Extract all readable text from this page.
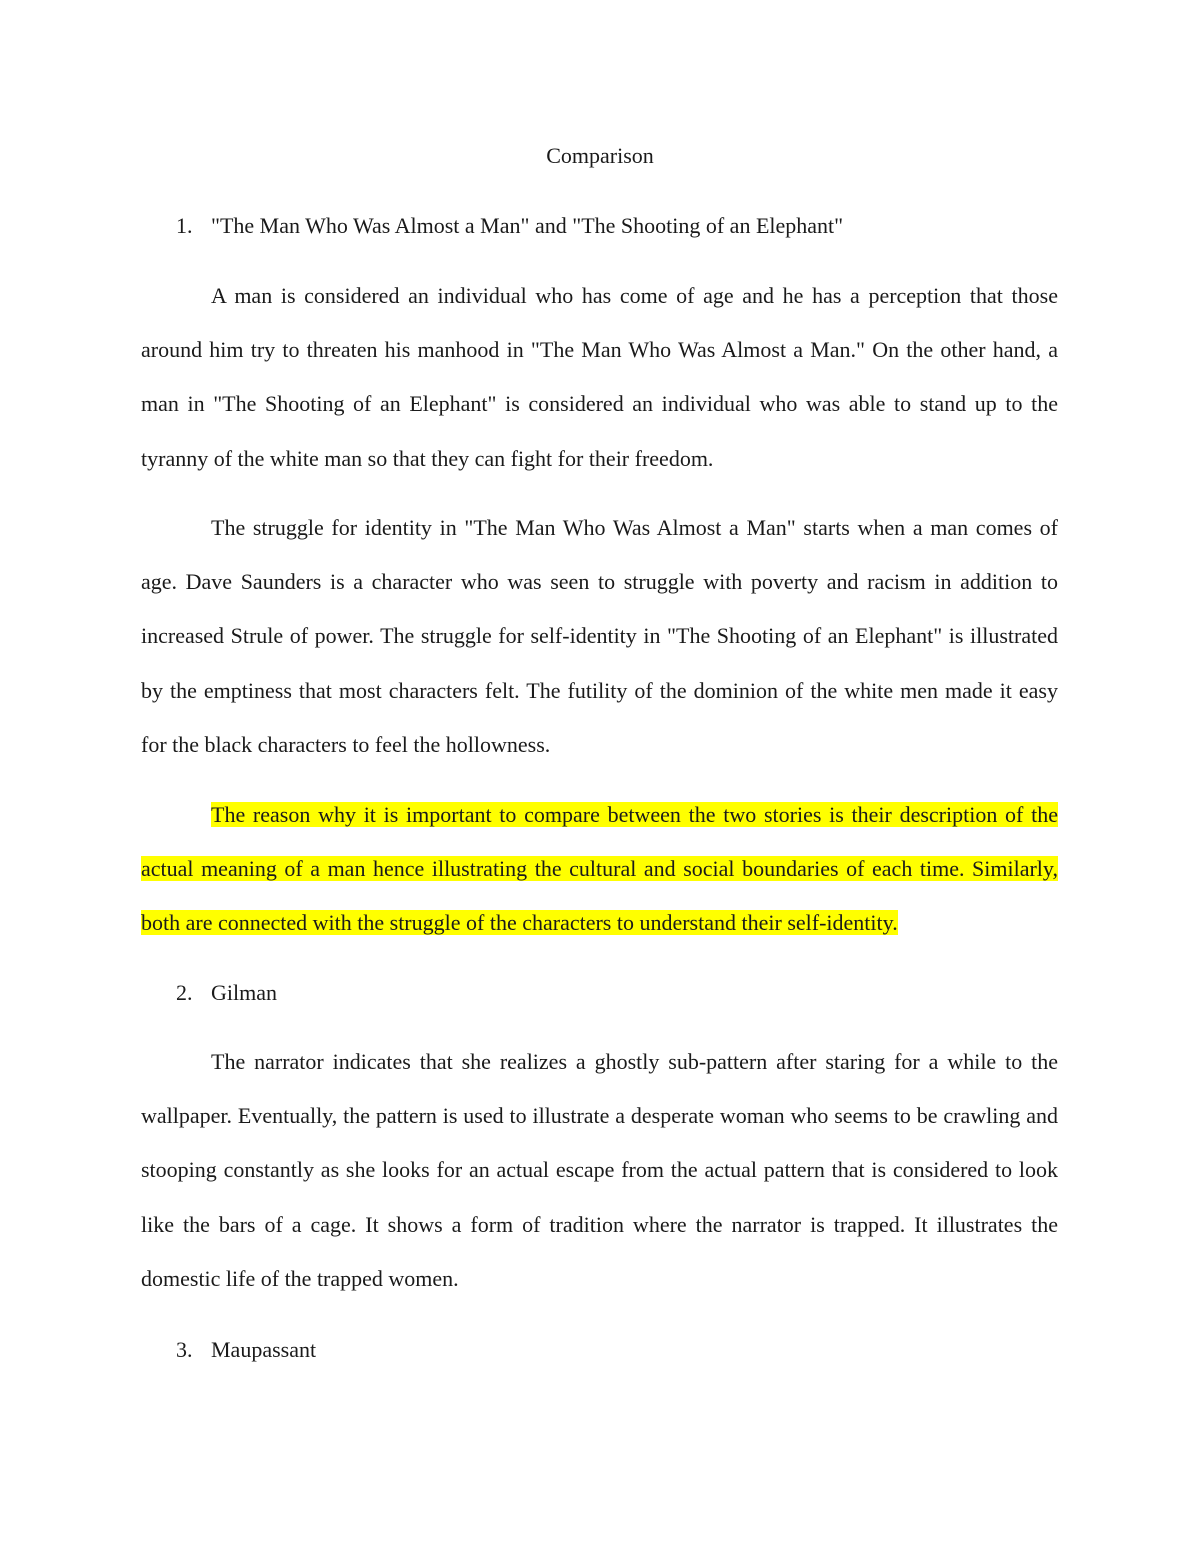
Comparison
1. "The Man Who Was Almost a Man" and "The Shooting of an Elephant"

A man is considered an individual who has come of age and he has a perception that those around him try to threaten his manhood in "The Man Who Was Almost a Man." On the other hand, a man in "The Shooting of an Elephant" is considered an individual who was able to stand up to the tyranny of the white man so that they can fight for their freedom.

The struggle for identity in "The Man Who Was Almost a Man" starts when a man comes of age. Dave Saunders is a character who was seen to struggle with poverty and racism in addition to increased Strule of power. The struggle for self-identity in "The Shooting of an Elephant" is illustrated by the emptiness that most characters felt. The futility of the dominion of the white men made it easy for the black characters to feel the hollowness.

The reason why it is important to compare between the two stories is their description of the actual meaning of a man hence illustrating the cultural and social boundaries of each time. Similarly, both are connected with the struggle of the characters to understand their self-identity.

2. Gilman

The narrator indicates that she realizes a ghostly sub-pattern after staring for a while to the wallpaper. Eventually, the pattern is used to illustrate a desperate woman who seems to be crawling and stooping constantly as she looks for an actual escape from the actual pattern that is considered to look like the bars of a cage. It shows a form of tradition where the narrator is trapped. It illustrates the domestic life of the trapped women.

3. Maupassant
